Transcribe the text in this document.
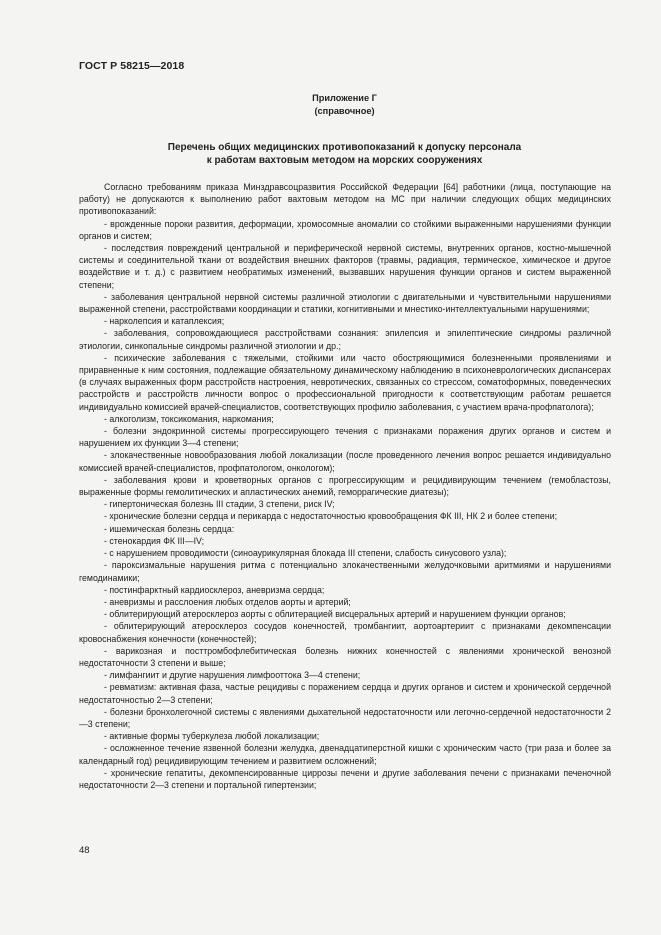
ГОСТ Р 58215—2018
Приложение Г
(справочное)
Перечень общих медицинских противопоказаний к допуску персонала
к работам вахтовым методом на морских сооружениях

Согласно требованиям приказа Минздравсоцразвития Российской Федерации [64] работники (лица, поступающие на работу) не допускаются к выполнению работ вахтовым методом на МС при наличии следующих общих медицинских противопоказаний:

- врожденные пороки развития, деформации, хромосомные аномалии со стойкими выраженными нарушениями функции органов и систем;

- последствия повреждений центральной и периферической нервной системы, внутренних органов, костно-мышечной системы и соединительной ткани от воздействия внешних факторов (травмы, радиация, термическое, химическое и другое воздействие и т. д.) с развитием необратимых изменений, вызвавших нарушения функции органов и систем выраженной степени;

- заболевания центральной нервной системы различной этиологии с двигательными и чувствительными нарушениями выраженной степени, расстройствами координации и статики, когнитивными и мнестико-интеллектуальными нарушениями;

- нарколепсия и катаплексия;

- заболевания, сопровождающиеся расстройствами сознания: эпилепсия и эпилептические синдромы различной этиологии, синкопальные синдромы различной этиологии и др.;

- психические заболевания с тяжелыми, стойкими или часто обостряющимися болезненными проявлениями и приравненные к ним состояния, подлежащие обязательному динамическому наблюдению в психоневрологических диспансерах (в случаях выраженных форм расстройств настроения, невротических, связанных со стрессом, соматоформных, поведенческих расстройств и расстройств личности вопрос о профессиональной пригодности к соответствующим работам решается индивидуально комиссией врачей-специалистов, соответствующих профилю заболевания, с участием врача-профпатолога);

- алкоголизм, токсикомания, наркомания;

- болезни эндокринной системы прогрессирующего течения с признаками поражения других органов и систем и нарушением их функции 3—4 степени;

- злокачественные новообразования любой локализации (после проведенного лечения вопрос решается индивидуально комиссией врачей-специалистов, профпатологом, онкологом);

- заболевания крови и кроветворных органов с прогрессирующим и рецидивирующим течением (гемобластозы, выраженные формы гемолитических и апластических анемий, геморрагические диатезы);

- гипертоническая болезнь III стадии, 3 степени, риск IV;

- хронические болезни сердца и перикарда с недостаточностью кровообращения ФК III, НК 2 и более степени;

- ишемическая болезнь сердца:

- стенокардия ФК III—IV;

- с нарушением проводимости (синоаурикулярная блокада III степени, слабость синусового узла);

- пароксизмальные нарушения ритма с потенциально злокачественными желудочковыми аритмиями и нарушениями гемодинамики;

- постинфарктный кардиосклероз, аневризма сердца;

- аневризмы и расслоения любых отделов аорты и артерий;

- облитерирующий атеросклероз аорты с облитерацией висцеральных артерий и нарушением функции органов;

- облитерирующий атеросклероз сосудов конечностей, тромбангиит, аортоартериит с признаками декомпенсации кровоснабжения конечности (конечностей);

- варикозная и посттромбофлебитическая болезнь нижних конечностей с явлениями хронической венозной недостаточности 3 степени и выше;

- лимфангиит и другие нарушения лимфооттока 3—4 степени;

- ревматизм: активная фаза, частые рецидивы с поражением сердца и других органов и систем и хронической сердечной недостаточностью 2—3 степени;

- болезни бронхолегочной системы с явлениями дыхательной недостаточности или легочно-сердечной недостаточности 2—3 степени;

- активные формы туберкулеза любой локализации;

- осложненное течение язвенной болезни желудка, двенадцатиперстной кишки с хроническим часто (три раза и более за календарный год) рецидивирующим течением и развитием осложнений;

- хронические гепатиты, декомпенсированные циррозы печени и другие заболевания печени с признаками печеночной недостаточности 2—3 степени и портальной гипертензии;

48
